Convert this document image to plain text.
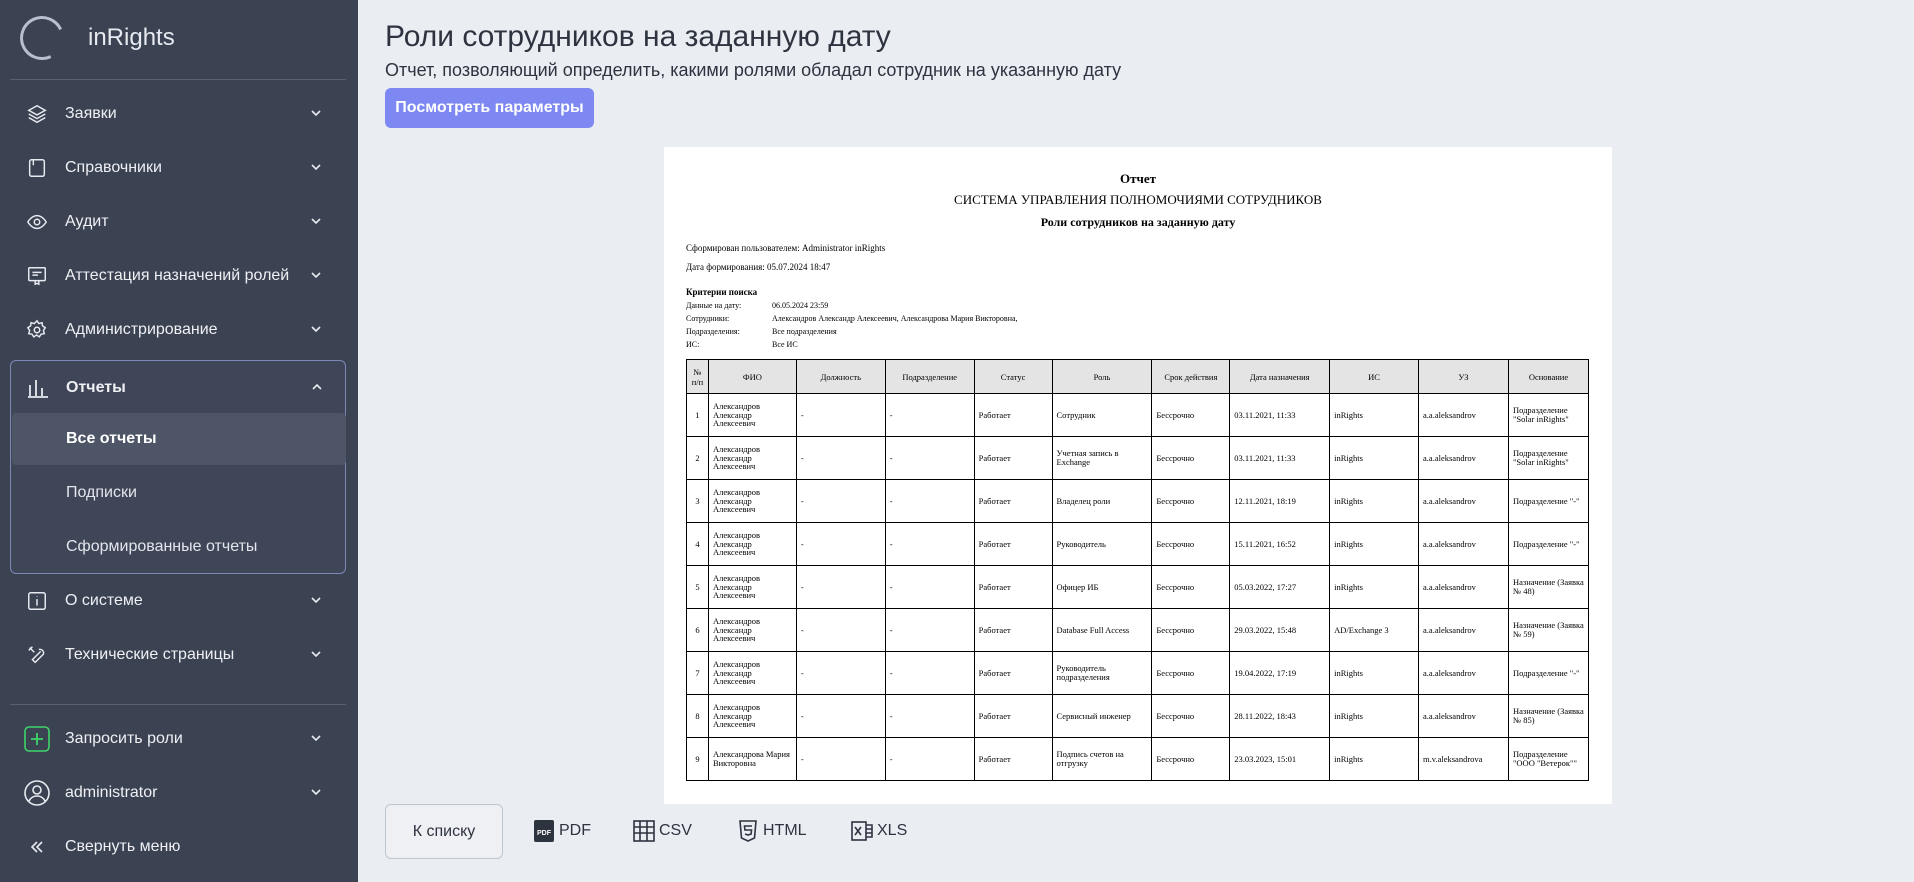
inRights
Заявки
Справочники
Аудит
Аттестация назначений ролей
Администрирование
Отчеты
Все отчеты
Подписки
Сформированные отчеты
О системе
Технические страницы
Запросить роли
administrator
Свернуть меню
Роли сотрудников на заданную дату
Отчет, позволяющий определить, какими ролями обладал сотрудник на указанную дату
Посмотреть параметры
Отчет
СИСТЕМА УПРАВЛЕНИЯ ПОЛНОМОЧИЯМИ СОТРУДНИКОВ
Роли сотрудников на заданную дату
Сформирован пользователем: Administrator inRights
Дата формирования: 05.07.2024 18:47
Критерии поиска
Данные на дату:	06.05.2024 23:59
Сотрудники:	Александров Александр Алексеевич, Александрова Мария Викторовна,
Подразделения:	Все подразделения
ИС:	Все ИС
№ п/п	ФИО	Должность	Подразделение	Статус	Роль	Срок действия	Дата назначения	ИС	УЗ	Основание
1	Александров Александр Алексеевич	-	-	Работает	Сотрудник	Бессрочно	03.11.2021, 11:33	inRights	a.a.aleksandrov	Подразделение "Solar inRights"
2	Александров Александр Алексеевич	-	-	Работает	Учетная запись в Exchange	Бессрочно	03.11.2021, 11:33	inRights	a.a.aleksandrov	Подразделение "Solar inRights"
3	Александров Александр Алексеевич	-	-	Работает	Владелец роли	Бессрочно	12.11.2021, 18:19	inRights	a.a.aleksandrov	Подразделение "-"
4	Александров Александр Алексеевич	-	-	Работает	Руководитель	Бессрочно	15.11.2021, 16:52	inRights	a.a.aleksandrov	Подразделение "-"
5	Александров Александр Алексеевич	-	-	Работает	Офицер ИБ	Бессрочно	05.03.2022, 17:27	inRights	a.a.aleksandrov	Назначение (Заявка № 48)
6	Александров Александр Алексеевич	-	-	Работает	Database Full Access	Бессрочно	29.03.2022, 15:48	AD/Exchange 3	a.a.aleksandrov	Назначение (Заявка № 59)
7	Александров Александр Алексеевич	-	-	Работает	Руководитель подразделения	Бессрочно	19.04.2022, 17:19	inRights	a.a.aleksandrov	Подразделение "-"
8	Александров Александр Алексеевич	-	-	Работает	Сервисный инженер	Бессрочно	28.11.2022, 18:43	inRights	a.a.aleksandrov	Назначение (Заявка № 85)
9	Александрова Мария Викторовна	-	-	Работает	Подпись счетов на отгрузку	Бессрочно	23.03.2023, 15:01	inRights	m.v.aleksandrova	Подразделение "ООО "Ветерок""
К списку	PDF PDF	CSV	HTML	XLS
